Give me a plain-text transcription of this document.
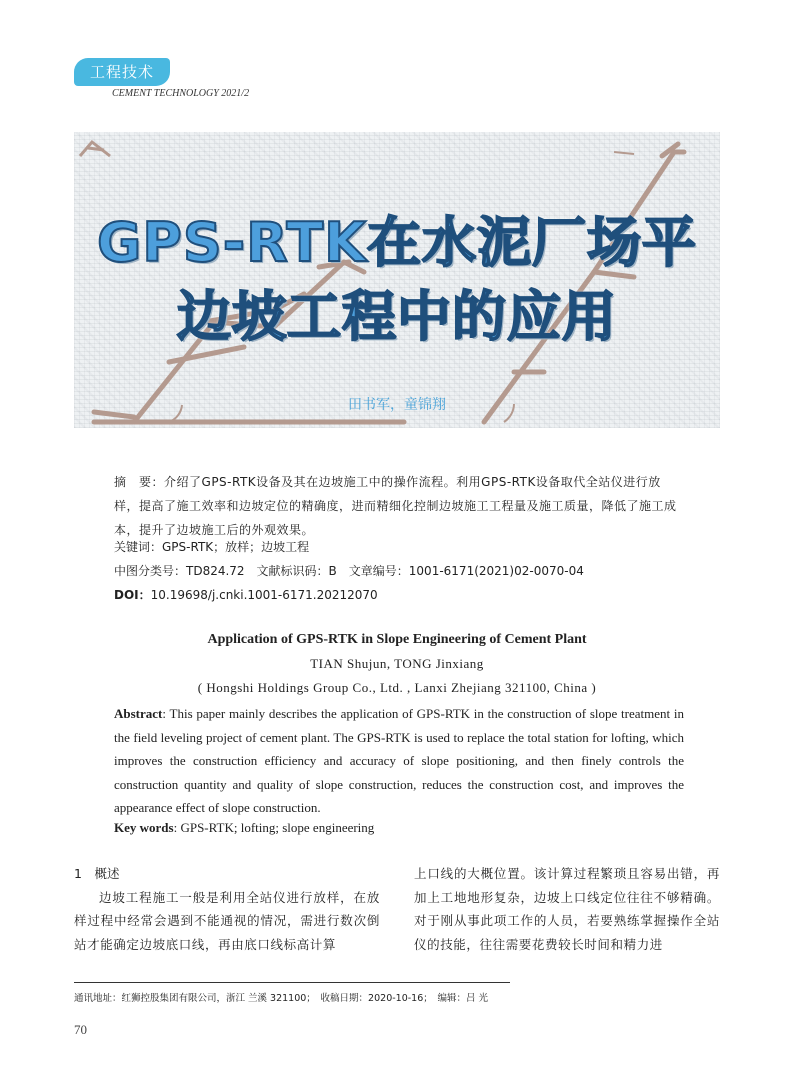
工程技术
CEMENT TECHNOLOGY 2021/2
GPS-RTK在水泥厂场平
边坡工程中的应用
田书军，童锦翔
摘　要：介绍了GPS-RTK设备及其在边坡施工中的操作流程。利用GPS-RTK设备取代全站仪进行放样，提高了施工效率和边坡定位的精确度，进而精细化控制边坡施工工程量及施工质量，降低了施工成本，提升了边坡施工后的外观效果。
关键词：GPS-RTK；放样；边坡工程
中图分类号：TD824.72　文献标识码：B　文章编号：1001-6171(2021)02-0070-04
DOI：10.19698/j.cnki.1001-6171.20212070
Application of GPS-RTK in Slope Engineering of Cement Plant
TIAN Shujun, TONG Jinxiang
( Hongshi Holdings Group Co., Ltd. , Lanxi Zhejiang 321100, China )
Abstract: This paper mainly describes the application of GPS-RTK in the construction of slope treatment in the field leveling project of cement plant. The GPS-RTK is used to replace the total station for lofting, which improves the construction efficiency and accuracy of slope positioning, and then finely controls the construction quantity and quality of slope construction, reduces the construction cost, and improves the appearance effect of slope construction.
Key words: GPS-RTK; lofting; slope engineering

1　概述

边坡工程施工一般是利用全站仪进行放样，在放样过程中经常会遇到不能通视的情况，需进行数次倒站才能确定边坡底口线，再由底口线标高计算

上口线的大概位置。该计算过程繁琐且容易出错，再加上工地地形复杂，边坡上口线定位往往不够精确。对于刚从事此项工作的人员，若要熟练掌握操作全站仪的技能，往往需要花费较长时间和精力进

通讯地址：红狮控股集团有限公司，浙江 兰溪 321100；　收稿日期：2020-10-16；　编辑：吕 光
70
